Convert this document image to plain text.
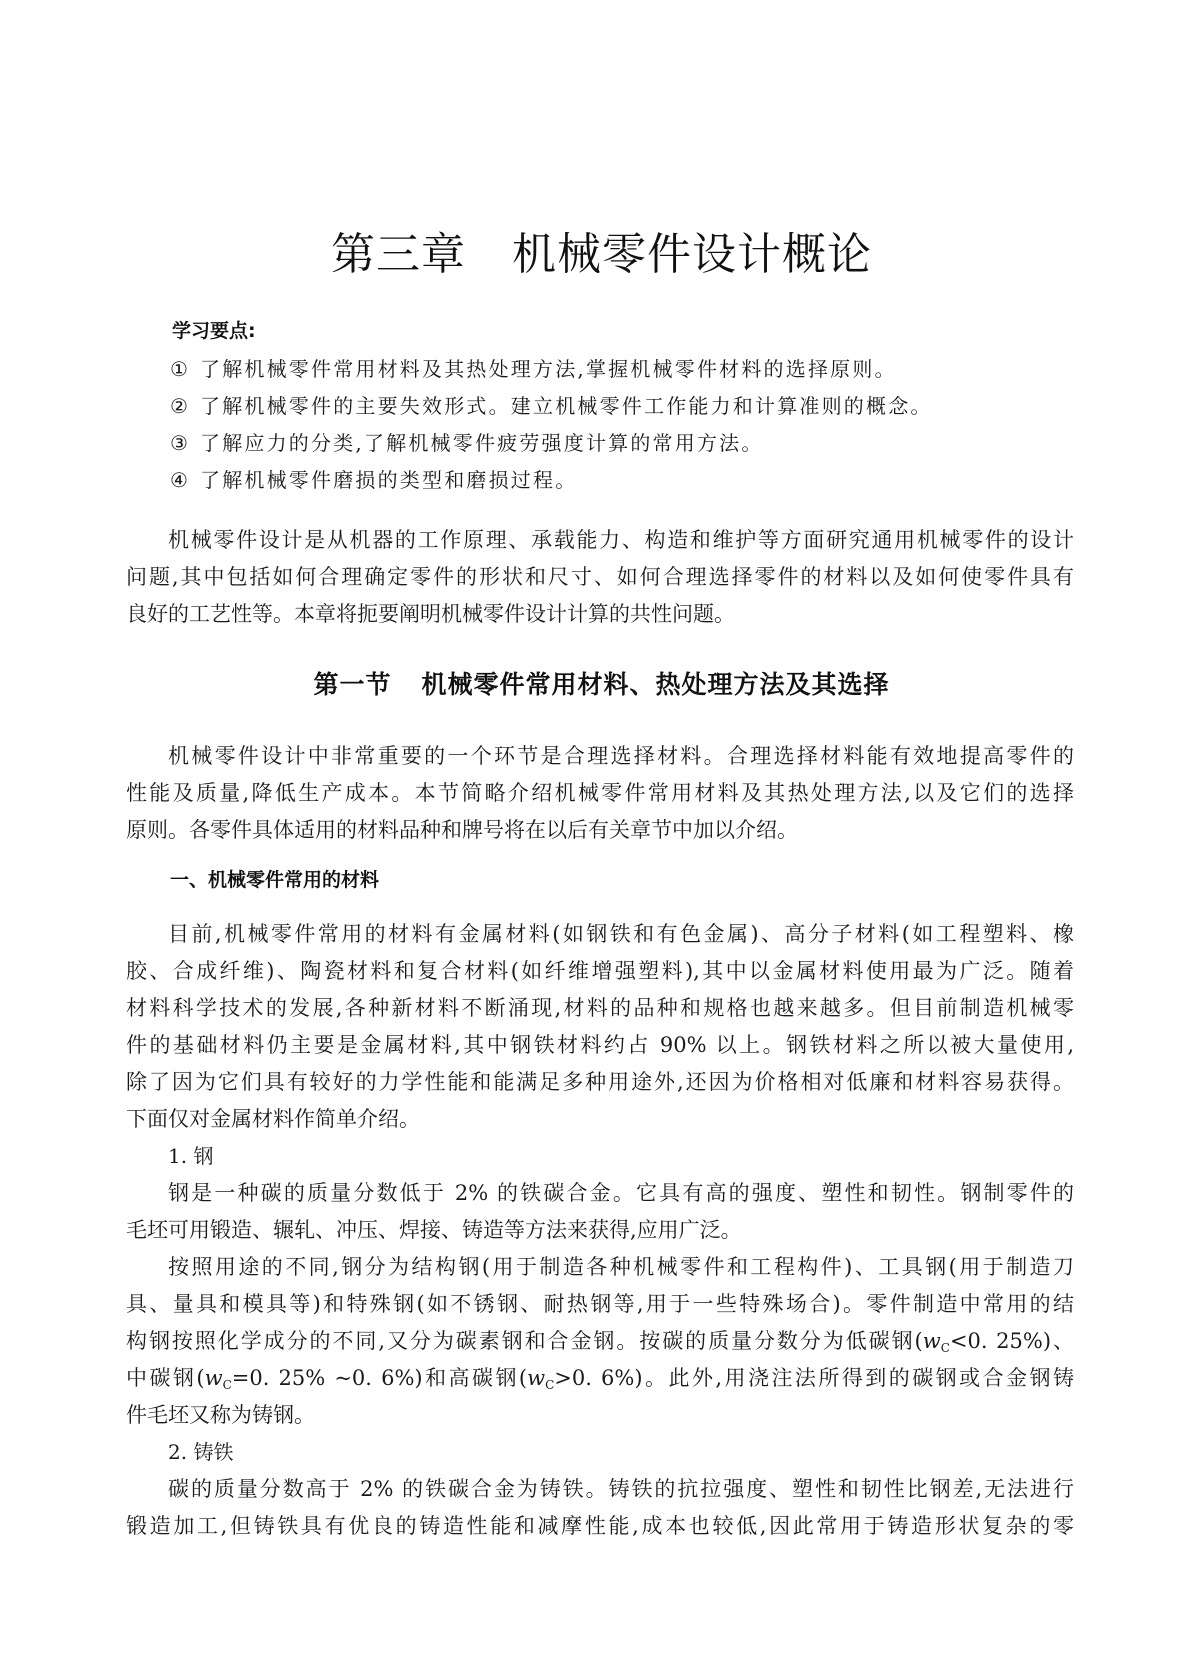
第三章 机械零件设计概论
学习要点:
① 了解机械零件常用材料及其热处理方法,掌握机械零件材料的选择原则。
② 了解机械零件的主要失效形式。建立机械零件工作能力和计算准则的概念。
③ 了解应力的分类,了解机械零件疲劳强度计算的常用方法。
④ 了解机械零件磨损的类型和磨损过程。
机械零件设计是从机器的工作原理、承载能力、构造和维护等方面研究通用机械零件的设计
问题,其中包括如何合理确定零件的形状和尺寸、如何合理选择零件的材料以及如何使零件具有
良好的工艺性等。本章将扼要阐明机械零件设计计算的共性问题。
第一节 机械零件常用材料、热处理方法及其选择
机械零件设计中非常重要的一个环节是合理选择材料。合理选择材料能有效地提高零件的
性能及质量,降低生产成本。本节简略介绍机械零件常用材料及其热处理方法,以及它们的选择
原则。各零件具体适用的材料品种和牌号将在以后有关章节中加以介绍。
一、机械零件常用的材料
目前,机械零件常用的材料有金属材料(如钢铁和有色金属)、高分子材料(如工程塑料、橡
胶、合成纤维)、陶瓷材料和复合材料(如纤维增强塑料),其中以金属材料使用最为广泛。随着
材料科学技术的发展,各种新材料不断涌现,材料的品种和规格也越来越多。但目前制造机械零
件的基础材料仍主要是金属材料,其中钢铁材料约占 90% 以上。钢铁材料之所以被大量使用,
除了因为它们具有较好的力学性能和能满足多种用途外,还因为价格相对低廉和材料容易获得。
下面仅对金属材料作简单介绍。
1. 钢
钢是一种碳的质量分数低于 2% 的铁碳合金。它具有高的强度、塑性和韧性。钢制零件的
毛坯可用锻造、辗轧、冲压、焊接、铸造等方法来获得,应用广泛。
按照用途的不同,钢分为结构钢(用于制造各种机械零件和工程构件)、工具钢(用于制造刀
具、量具和模具等)和特殊钢(如不锈钢、耐热钢等,用于一些特殊场合)。零件制造中常用的结
构钢按照化学成分的不同,又分为碳素钢和合金钢。按碳的质量分数分为低碳钢($w_C<0$. 25%)、
中碳钢($w_C=0$. 25% ~0. 6%)和高碳钢($w_C>0$. 6%)。此外,用浇注法所得到的碳钢或合金钢铸
件毛坯又称为铸钢。
2. 铸铁
碳的质量分数高于 2% 的铁碳合金为铸铁。铸铁的抗拉强度、塑性和韧性比钢差,无法进行
锻造加工,但铸铁具有优良的铸造性能和减摩性能,成本也较低,因此常用于铸造形状复杂的零
